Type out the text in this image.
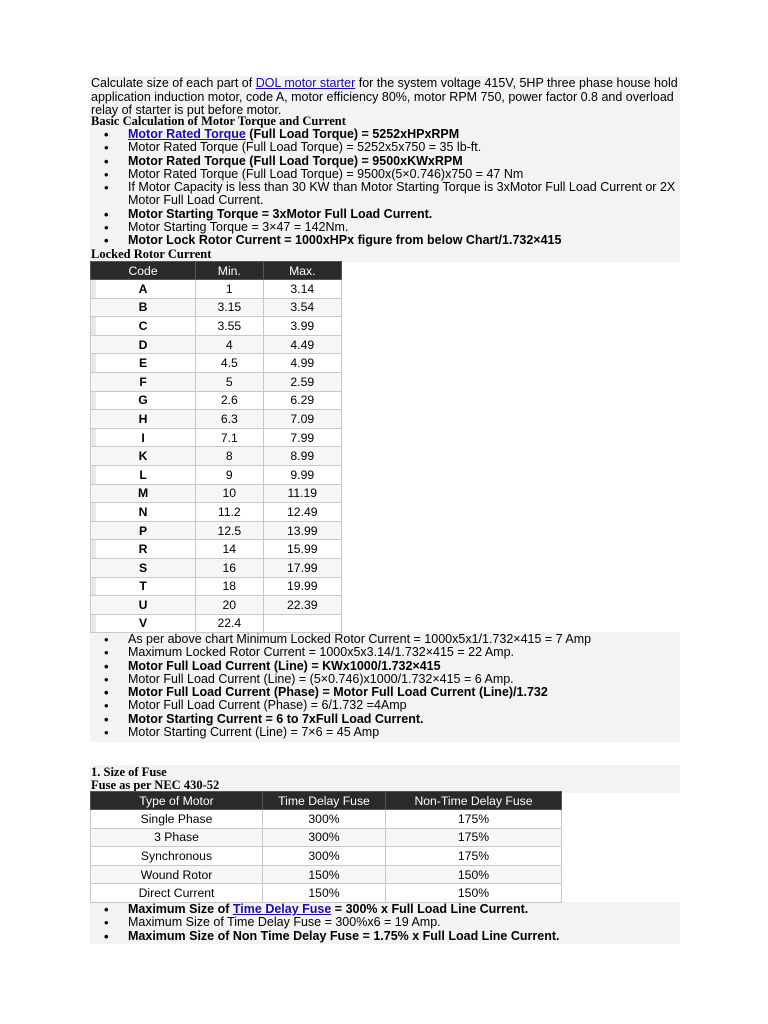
Calculate size of each part of DOL motor starter for the system voltage 415V, 5HP three phase house hold application induction motor, code A, motor efficiency 80%, motor RPM 750, power factor 0.8 and overload relay of starter is put before motor.
Basic Calculation of Motor Torque and Current
• Motor Rated Torque (Full Load Torque) = 5252xHPxRPM
• Motor Rated Torque (Full Load Torque) = 5252x5x750 = 35 lb-ft.
• Motor Rated Torque (Full Load Torque) = 9500xKWxRPM
• Motor Rated Torque (Full Load Torque) = 9500x(5×0.746)x750 = 47 Nm
• If Motor Capacity is less than 30 KW than Motor Starting Torque is 3xMotor Full Load Current or 2X Motor Full Load Current.
• Motor Starting Torque = 3xMotor Full Load Current.
• Motor Starting Torque = 3×47 = 142Nm.
• Motor Lock Rotor Current = 1000xHPx figure from below Chart/1.732×415
Locked Rotor Current
Code	Min.	Max.
A	1	3.14
B	3.15	3.54
C	3.55	3.99
D	4	4.49
E	4.5	4.99
F	5	2.59
G	2.6	6.29
H	6.3	7.09
I	7.1	7.99
K	8	8.99
L	9	9.99
M	10	11.19
N	11.2	12.49
P	12.5	13.99
R	14	15.99
S	16	17.99
T	18	19.99
U	20	22.39
V	22.4	
• As per above chart Minimum Locked Rotor Current = 1000x5x1/1.732×415 = 7 Amp
• Maximum Locked Rotor Current = 1000x5x3.14/1.732×415 = 22 Amp.
• Motor Full Load Current (Line) = KWx1000/1.732×415
• Motor Full Load Current (Line) = (5×0.746)x1000/1.732×415 = 6 Amp.
• Motor Full Load Current (Phase) = Motor Full Load Current (Line)/1.732
• Motor Full Load Current (Phase) = 6/1.732 =4Amp
• Motor Starting Current = 6 to 7xFull Load Current.
• Motor Starting Current (Line) = 7×6 = 45 Amp
1. Size of Fuse
Fuse as per NEC 430-52
Type of Motor	Time Delay Fuse	Non-Time Delay Fuse
Single Phase	300%	175%
3 Phase	300%	175%
Synchronous	300%	175%
Wound Rotor	150%	150%
Direct Current	150%	150%
• Maximum Size of Time Delay Fuse = 300% x Full Load Line Current.
• Maximum Size of Time Delay Fuse = 300%x6 = 19 Amp.
• Maximum Size of Non Time Delay Fuse = 1.75% x Full Load Line Current.
